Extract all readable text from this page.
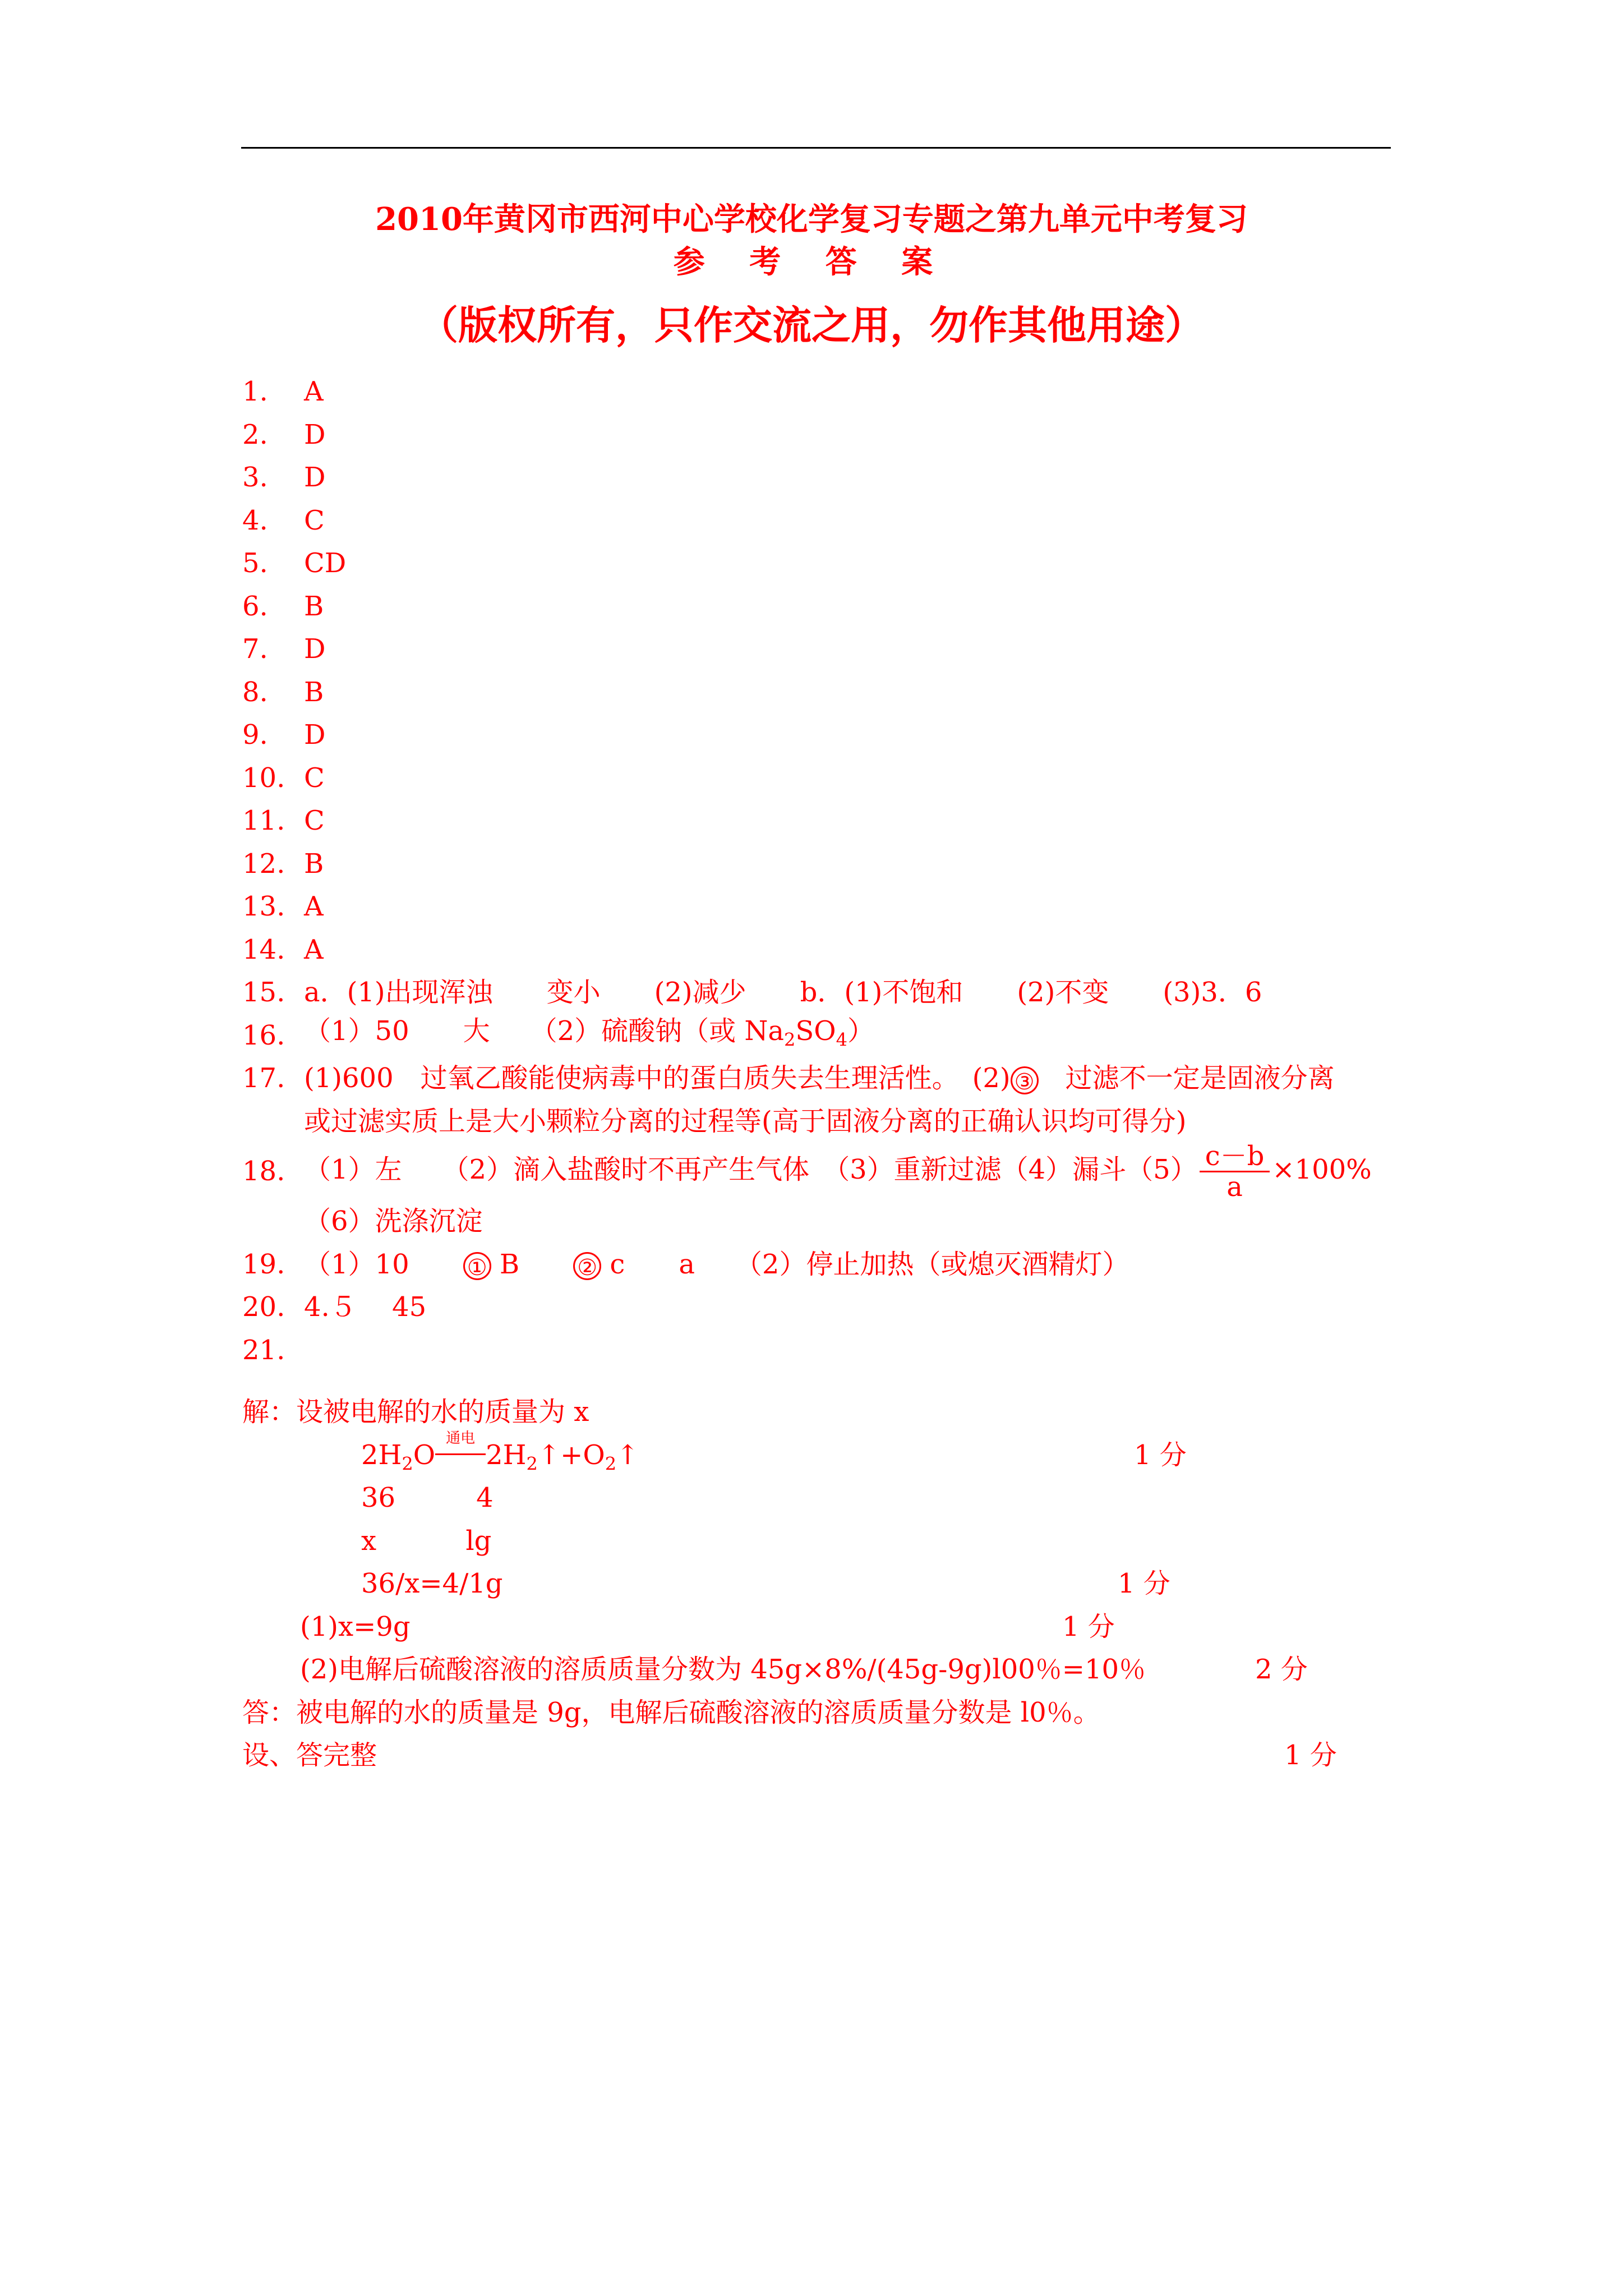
2010年黄冈市西河中心学校化学复习专题之第九单元中考复习
参 考 答 案
（版权所有，只作交流之用，勿作其他用途）
1.	A
2.	D
3.	D
4.	C
5.	CD
6.	B
7.	D
8.	B
9.	D
10. C
11. C
12. B
13. A
14. A
15. a．(1)出现浑浊　　变小　　(2)减少　　b．(1)不饱和　　(2)不变　　(3)3．6
16. （1）50　　大　　（2）硫酸钠（或 $Na_2SO_4$）
17. (1)600　过氧乙酸能使病毒中的蛋白质失去生理活性。　(2) ③　过滤不一定是固液分离
或过滤实质上是大小颗粒分离的过程等(高于固液分离的正确认识均可得分)
18. （1）左　　（2）滴入盐酸时不再产生气体　（3）重新过滤（4）漏斗$(5) \frac{c-b}{a} \times 100\%$
（6）洗涤沉淀
19. （1）10　　① B　　② c　　a　　（2）停止加热（或熄灭酒精灯）
20. 4.５　 45
21.
解：设被电解的水的质量为 x
$2H_2O$
通电
$2H_2↑+O_2↑$	1 分
36　　　4
x　　　 lg
36/x=4/1g	1 分
(1)x=9g	1 分
(2)电解后硫酸溶液的溶质质量分数为 45g×8%/(45g-9g)l00％=10％	2 分
答：被电解的水的质量是 9g，电解后硫酸溶液的溶质质量分数是 l0％。
设、答完整	1 分
